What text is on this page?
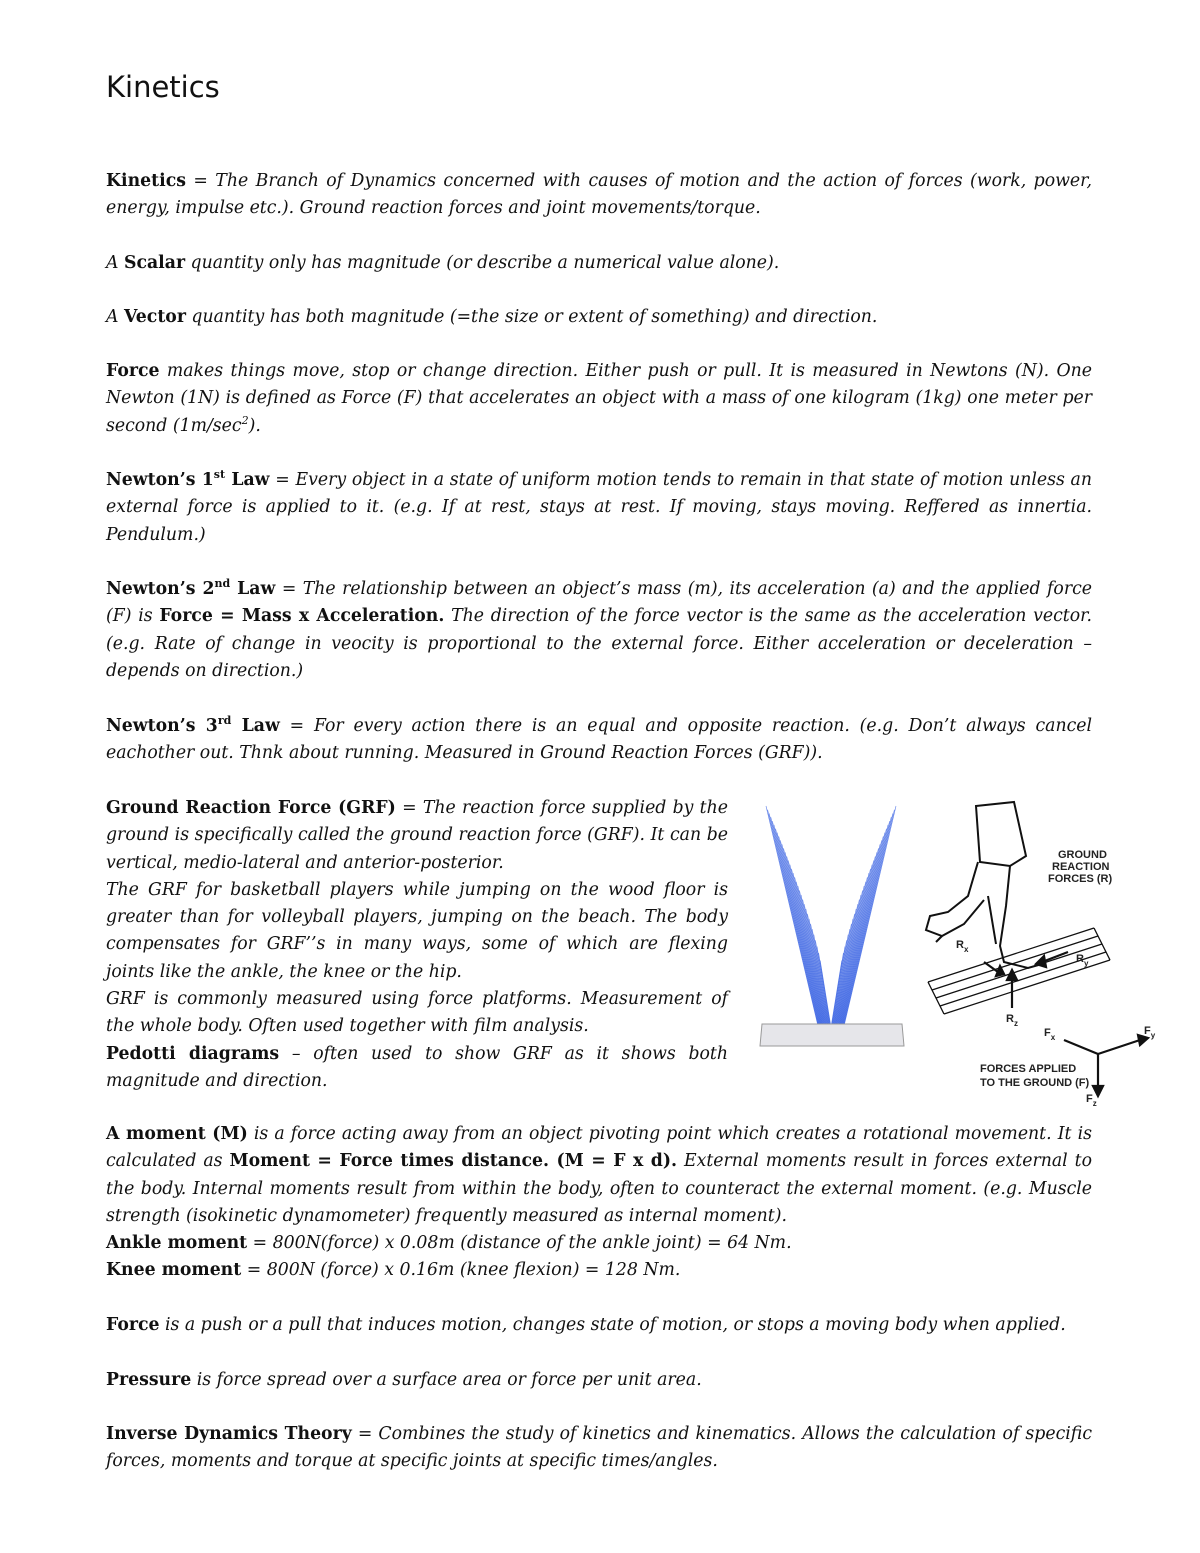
Kinetics

Kinetics = The Branch of Dynamics concerned with causes of motion and the action of forces (work, power, energy, impulse etc.). Ground reaction forces and joint movements/torque.

A Scalar quantity only has magnitude (or describe a numerical value alone).

A Vector quantity has both magnitude (=the size or extent of something) and direction.

Force makes things move, stop or change direction. Either push or pull. It is measured in Newtons (N). One Newton (1N) is defined as Force (F) that accelerates an object with a mass of one kilogram (1kg) one meter per second $(1m/\sec^2)$.

Newton’s 1st Law = Every object in a state of uniform motion tends to remain in that state of motion unless an external force is applied to it. (e.g. If at rest, stays at rest. If moving, stays moving. Reffered as innertia. Pendulum.)

Newton’s 2nd Law = The relationship between an object’s mass (m), its acceleration (a) and the applied force (F) is Force = Mass x Acceleration. The direction of the force vector is the same as the acceleration vector. (e.g. Rate of change in veocity is proportional to the external force. Either acceleration or deceleration – depends on direction.)

Newton’s 3rd Law = For every action there is an equal and opposite reaction. (e.g. Don’t always cancel eachother out. Thnk about running. Measured in Ground Reaction Forces (GRF)).

Ground Reaction Force (GRF) = The reaction force supplied by the ground is specifically called the ground reaction force (GRF). It can be vertical, medio-lateral and anterior-posterior.
The GRF for basketball players while jumping on the wood floor is greater than for volleyball players, jumping on the beach. The body compensates for GRF’’s in many ways, some of which are flexing joints like the ankle, the knee or the hip.
GRF is commonly measured using force platforms. Measurement of the whole body. Often used together with film analysis.
Pedotti diagrams – often used to show GRF as it shows both magnitude and direction.
$R_x$
$R_y$
$R_z$
GROUND
REACTION
FORCES (R)
$F_x$
$F_y$
$F_z$
FORCES APPLIED
TO THE GROUND (F)
A moment (M) is a force acting away from an object pivoting point which creates a rotational movement. It is calculated as Moment = Force times distance. (M = F x d). External moments result in forces external to the body. Internal moments result from within the body, often to counteract the external moment. (e.g. Muscle strength (isokinetic dynamometer) frequently measured as internal moment).
Ankle moment = 800N(force) x 0.08m (distance of the ankle joint) = 64 Nm.
Knee moment = 800N (force) x 0.16m (knee flexion) = 128 Nm.

Force is a push or a pull that induces motion, changes state of motion, or stops a moving body when applied.

Pressure is force spread over a surface area or force per unit area.

Inverse Dynamics Theory = Combines the study of kinetics and kinematics. Allows the calculation of specific forces, moments and torque at specific joints at specific times/angles.
